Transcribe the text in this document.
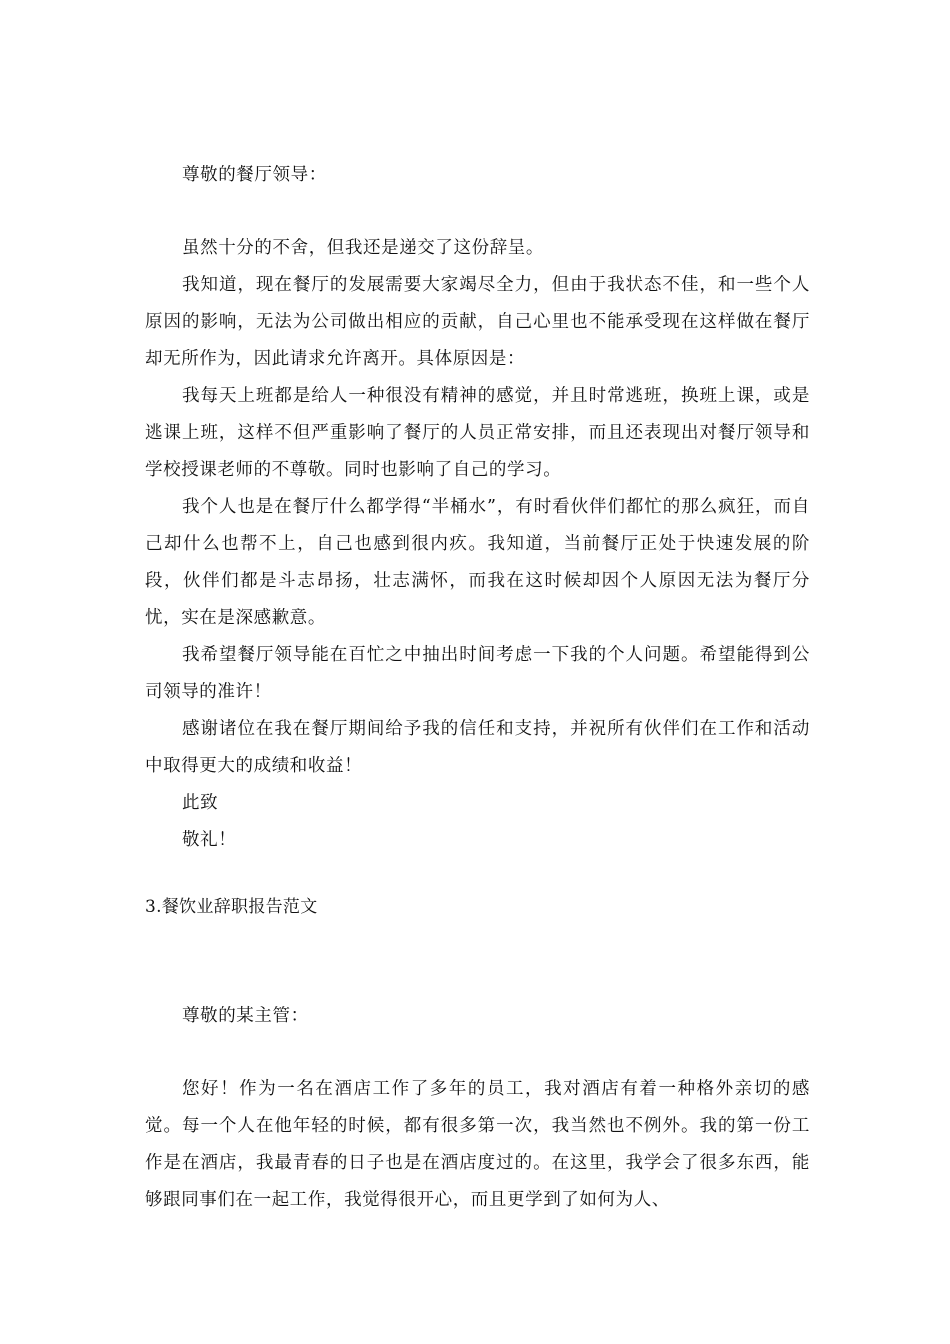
尊敬的餐厅领导：

虽然十分的不舍，但我还是递交了这份辞呈。

我知道，现在餐厅的发展需要大家竭尽全力，但由于我状态不佳，和一些个人原因的影响，无法为公司做出相应的贡献，自己心里也不能承受现在这样做在餐厅却无所作为，因此请求允许离开。具体原因是：

我每天上班都是给人一种很没有精神的感觉，并且时常逃班，换班上课，或是逃课上班，这样不但严重影响了餐厅的人员正常安排，而且还表现出对餐厅领导和学校授课老师的不尊敬。同时也影响了自己的学习。

我个人也是在餐厅什么都学得“半桶水”，有时看伙伴们都忙的那么疯狂，而自己却什么也帮不上，自己也感到很内疚。我知道，当前餐厅正处于快速发展的阶段，伙伴们都是斗志昂扬，壮志满怀，而我在这时候却因个人原因无法为餐厅分忧，实在是深感歉意。

我希望餐厅领导能在百忙之中抽出时间考虑一下我的个人问题。希望能得到公司领导的准许！

感谢诸位在我在餐厅期间给予我的信任和支持，并祝所有伙伴们在工作和活动中取得更大的成绩和收益！

此致

敬礼！

3.餐饮业辞职报告范文

尊敬的某主管：

您好！作为一名在酒店工作了多年的员工，我对酒店有着一种格外亲切的感觉。每一个人在他年轻的时候，都有很多第一次，我当然也不例外。我的第一份工作是在酒店，我最青春的日子也是在酒店度过的。在这里，我学会了很多东西，能够跟同事们在一起工作，我觉得很开心，而且更学到了如何为人、
